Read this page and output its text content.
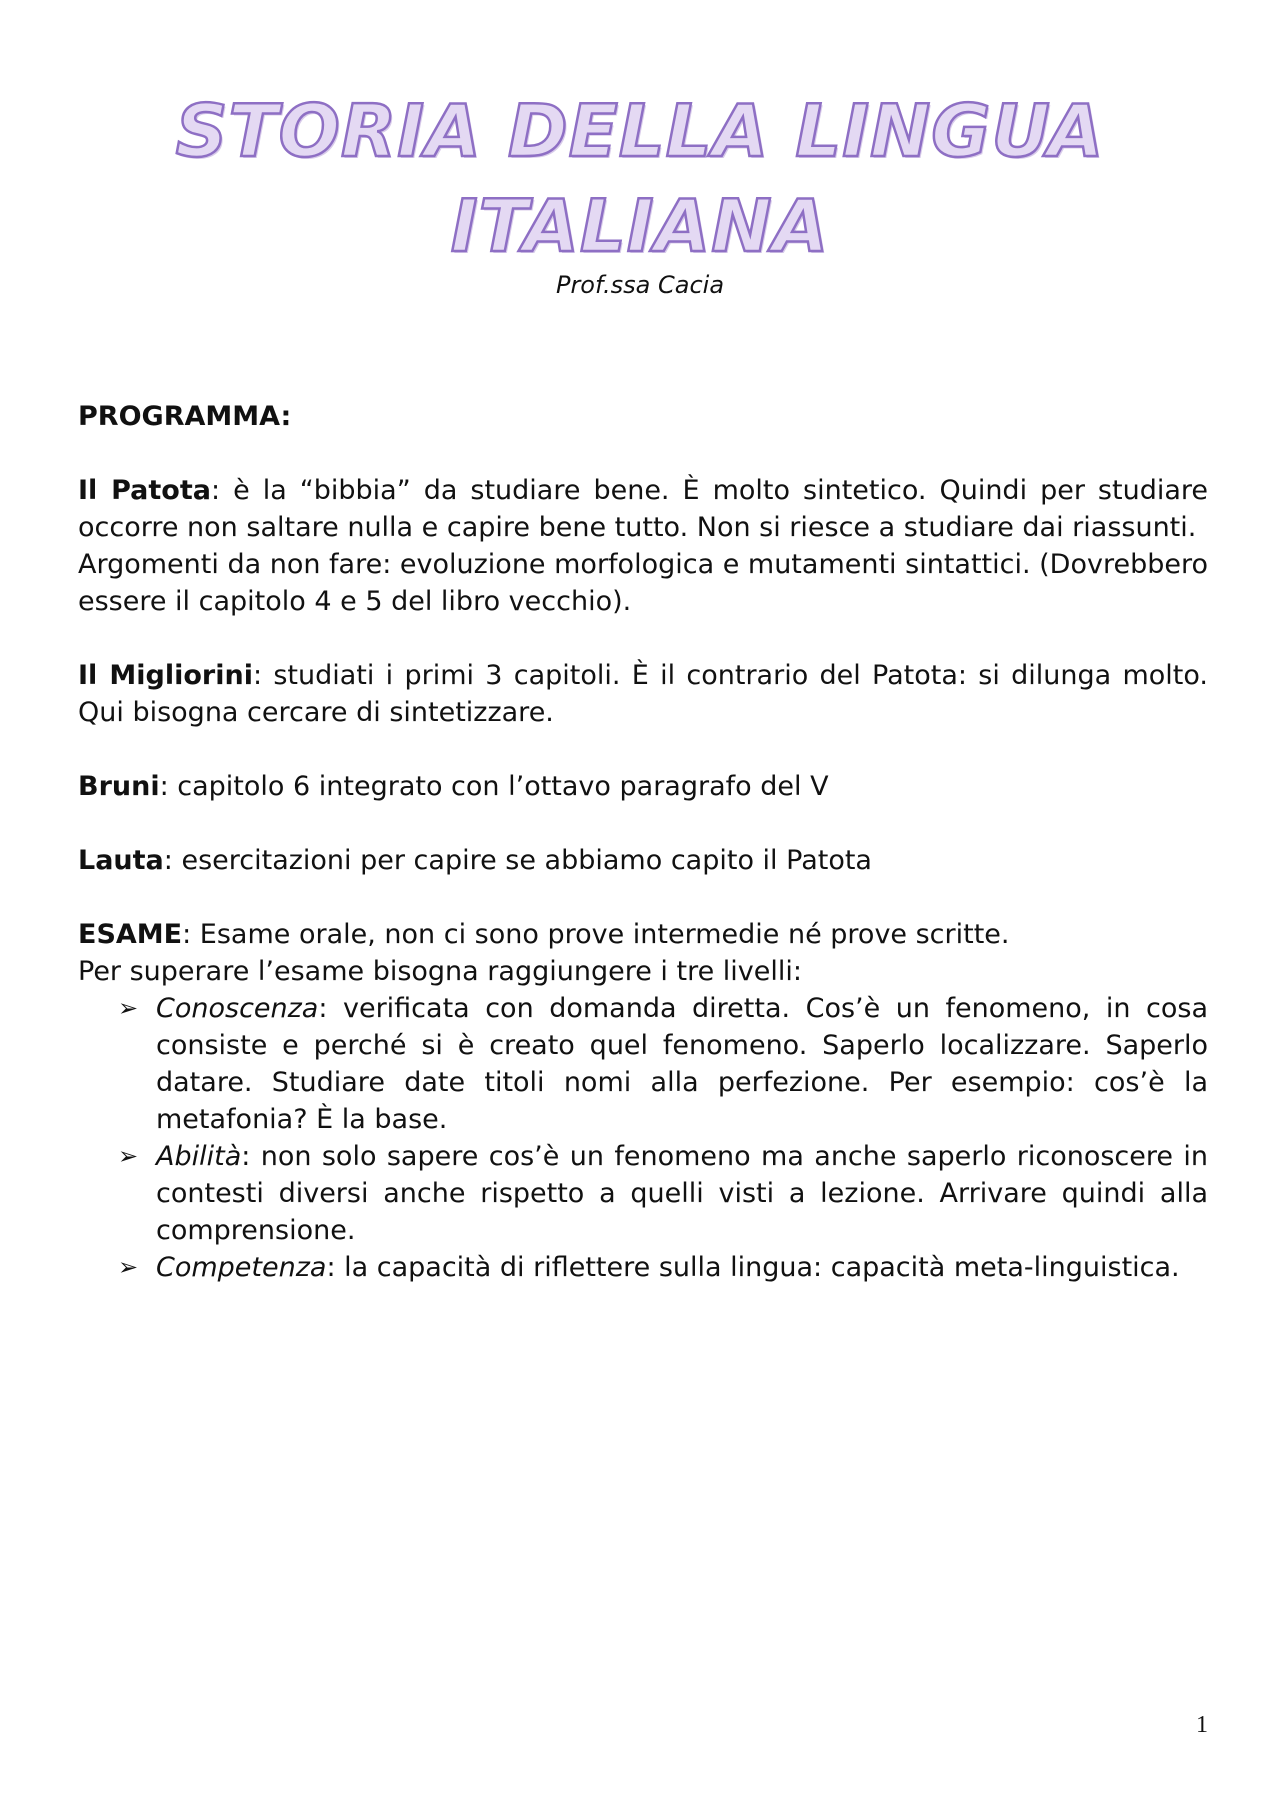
STORIA DELLA LINGUA
ITALIANA
Prof.ssa Cacia

PROGRAMMA:

Il Patota: è la “bibbia” da studiare bene. È molto sintetico. Quindi per studiare occorre non saltare nulla e capire bene tutto. Non si riesce a studiare dai riassunti.

Argomenti da non fare: evoluzione morfologica e mutamenti sintattici. (Dovrebbero essere il capitolo 4 e 5 del libro vecchio).

Il Migliorini: studiati i primi 3 capitoli. È il contrario del Patota: si dilunga molto. Qui bisogna cercare di sintetizzare.

Bruni: capitolo 6 integrato con l’ottavo paragrafo del V

Lauta: esercitazioni per capire se abbiamo capito il Patota

ESAME: Esame orale, non ci sono prove intermedie né prove scritte.

Per superare l’esame bisogna raggiungere i tre livelli:

➢ Conoscenza: verificata con domanda diretta. Cos’è un fenomeno, in cosa consiste e perché si è creato quel fenomeno. Saperlo localizzare. Saperlo datare. Studiare date titoli nomi alla perfezione. Per esempio: cos’è la metafonia? È la base.
➢ Abilità: non solo sapere cos’è un fenomeno ma anche saperlo riconoscere in contesti diversi anche rispetto a quelli visti a lezione. Arrivare quindi alla comprensione.
➢ Competenza: la capacità di riflettere sulla lingua: capacità meta-linguistica.
1
